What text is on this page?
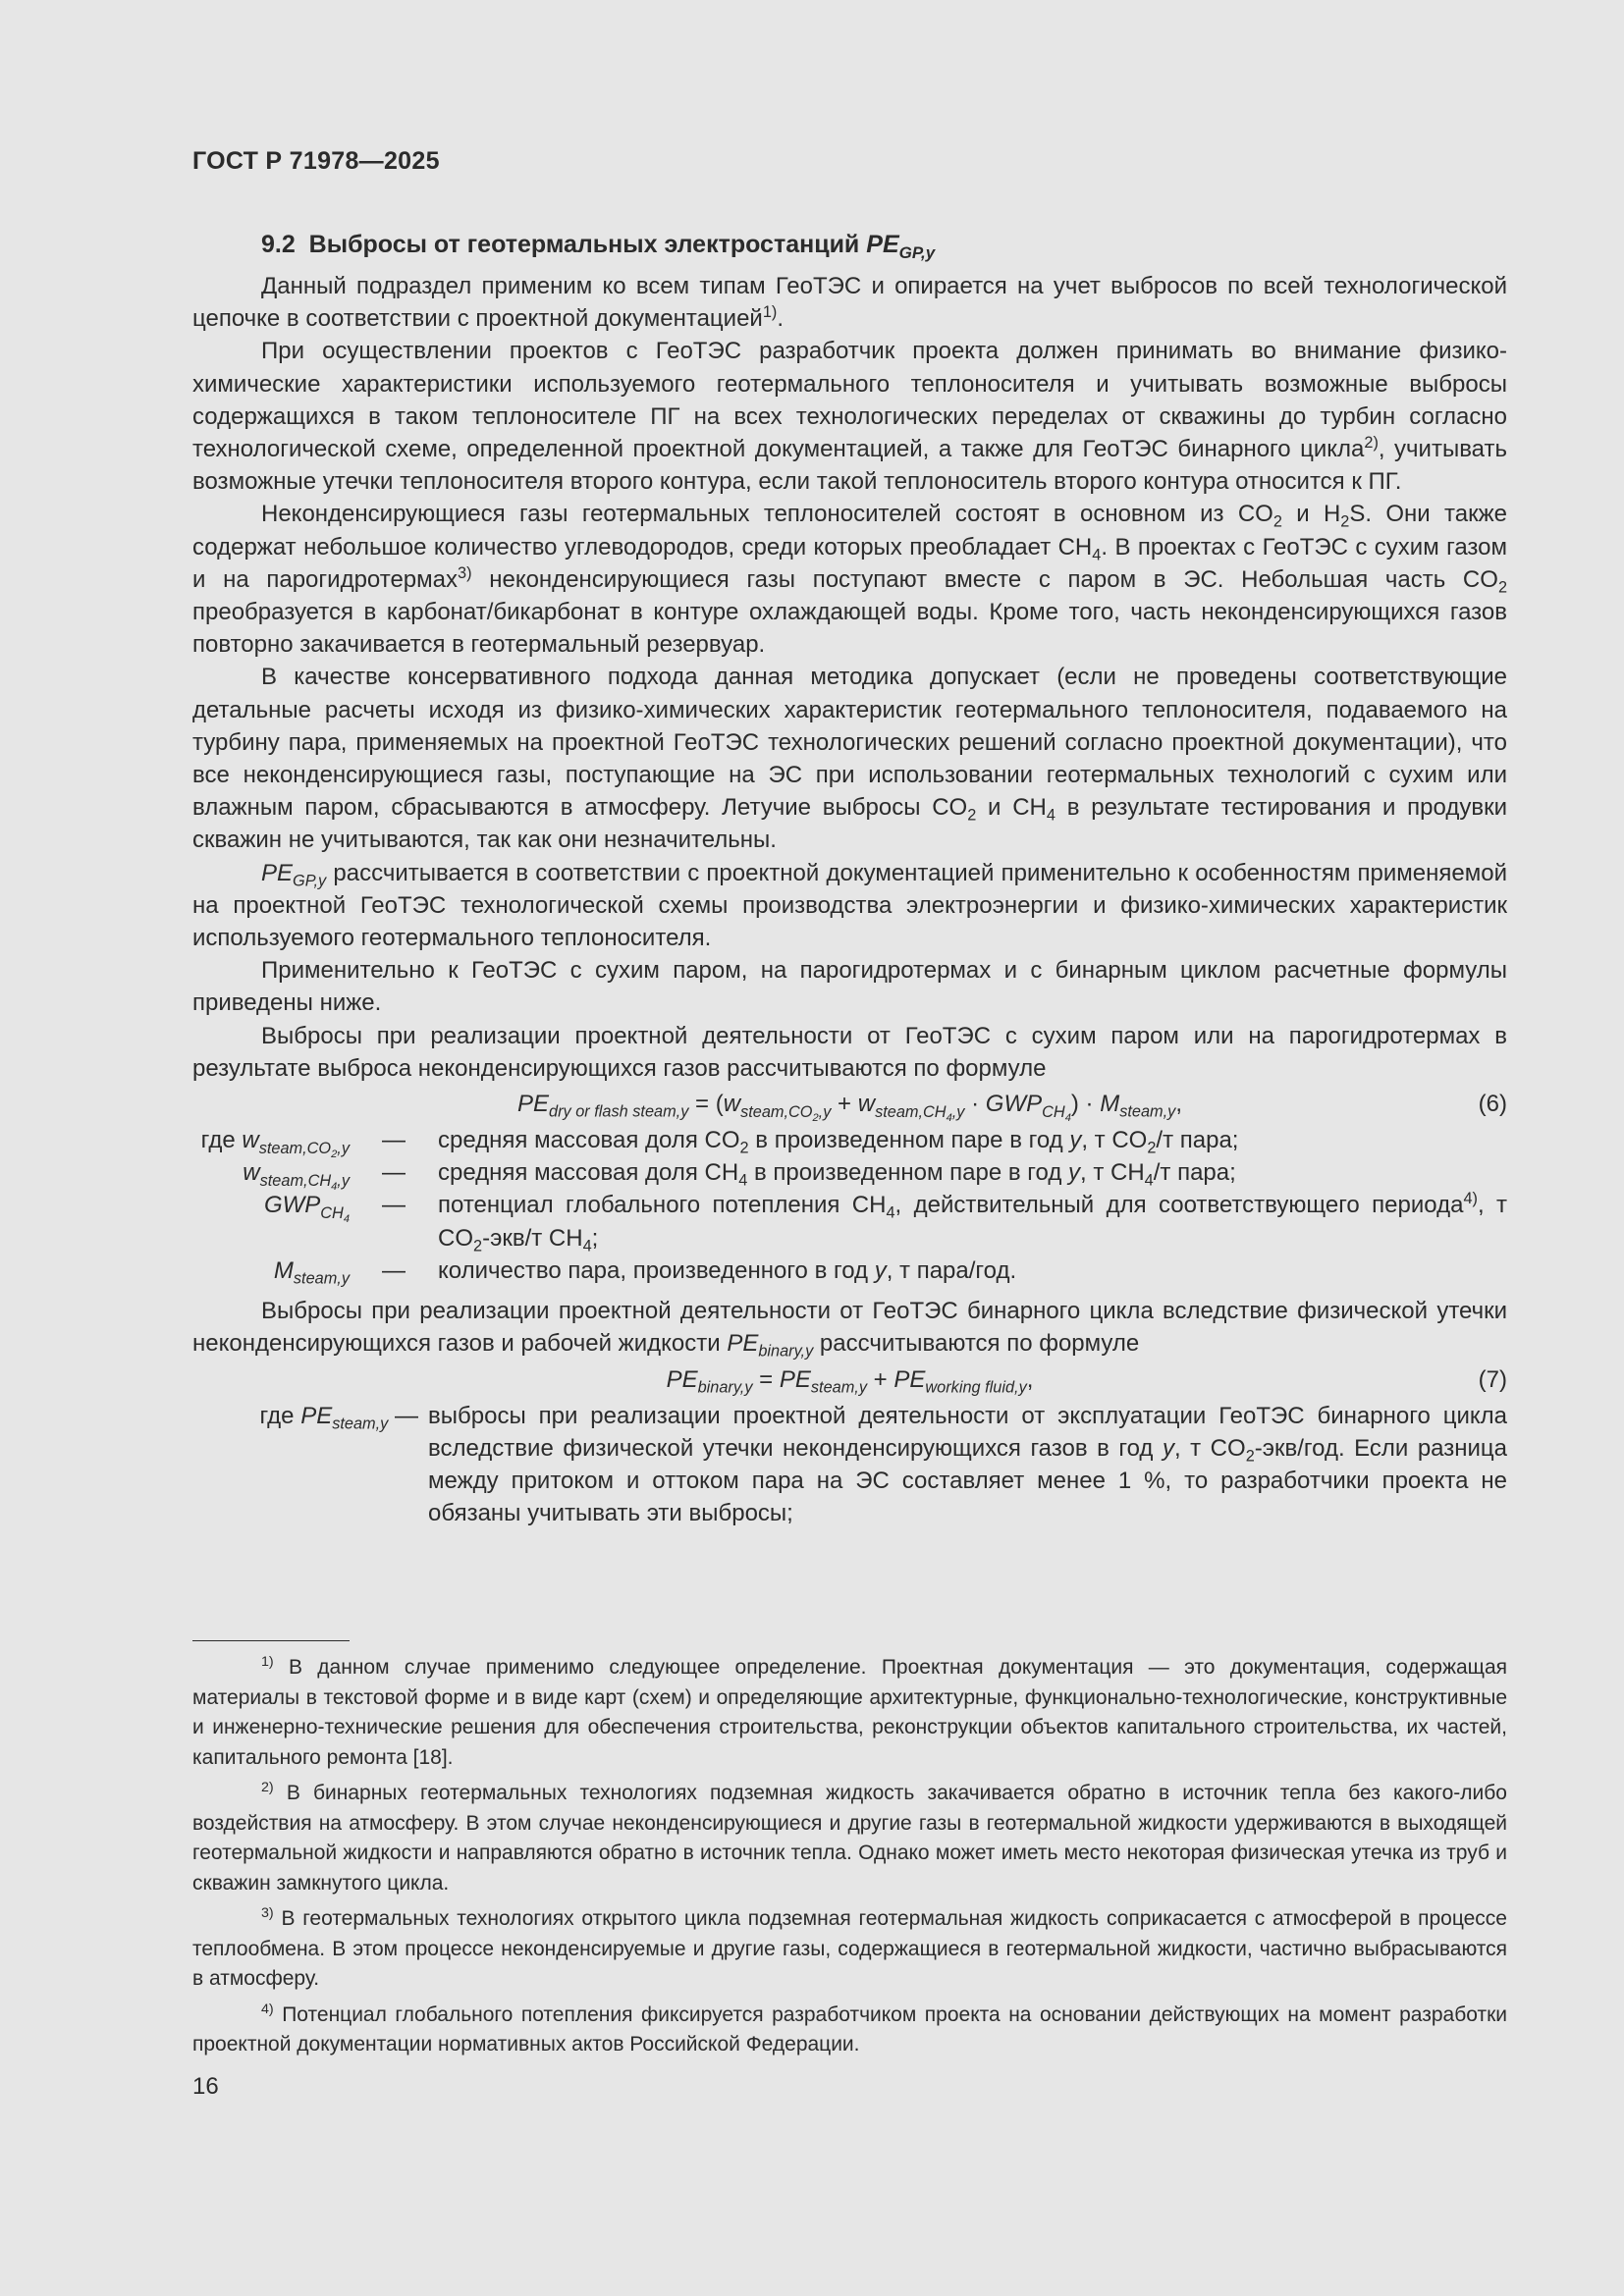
ГОСТ Р 71978—2025
9.2 Выбросы от геотермальных электростанций $PE_{GP,y}$

Данный подраздел применим ко всем типам ГеоТЭС и опирается на учет выбросов по всей технологической цепочке в соответствии с проектной документацией$^{1)}$.

При осуществлении проектов с ГеоТЭС разработчик проекта должен принимать во внимание физико-химические характеристики используемого геотермального теплоносителя и учитывать возможные выбросы содержащихся в таком теплоносителе ПГ на всех технологических переделах от скважины до турбин согласно технологической схеме, определенной проектной документацией, а также для ГеоТЭС бинарного цикла$^{2)}$, учитывать возможные утечки теплоносителя второго контура, если такой теплоноситель второго контура относится к ПГ.

Неконденсирующиеся газы геотермальных теплоносителей состоят в основном из $CO_2$ и $H_2S$. Они также содержат небольшое количество углеводородов, среди которых преобладает $CH_4$. В проектах с ГеоТЭС с сухим газом и на парогидротермах$^{3)}$ неконденсирующиеся газы поступают вместе с паром в ЭС. Небольшая часть $CO_2$ преобразуется в карбонат/бикарбонат в контуре охлаждающей воды. Кроме того, часть неконденсирующихся газов повторно закачивается в геотермальный резервуар.

В качестве консервативного подхода данная методика допускает (если не проведены соответствующие детальные расчеты исходя из физико-химических характеристик геотермального теплоносителя, подаваемого на турбину пара, применяемых на проектной ГеоТЭС технологических решений согласно проектной документации), что все неконденсирующиеся газы, поступающие на ЭС при использовании геотермальных технологий с сухим или влажным паром, сбрасываются в атмосферу. Летучие выбросы $CO_2$ и $CH_4$ в результате тестирования и продувки скважин не учитываются, так как они незначительны.

$PE_{GP,y}$ рассчитывается в соответствии с проектной документацией применительно к особенностям применяемой на проектной ГеоТЭС технологической схемы производства электроэнергии и физико-химических характеристик используемого геотермального теплоносителя.

Применительно к ГеоТЭС с сухим паром, на парогидротермах и с бинарным циклом расчетные формулы приведены ниже.

Выбросы при реализации проектной деятельности от ГеоТЭС с сухим паром или на парогидротермах в результате выброса неконденсирующихся газов рассчитываются по формуле

$PE_{dry or flash steam,y} = (w_{steam,CO_2,y} + w_{steam,CH_4,y} \cdot GWP_{CH_4}) \cdot M_{steam,y}$,	(6)
где $w_{steam,CO_2,y}$	—	средняя массовая доля $CO_2$ в произведенном паре в год y, т $CO_2/т$ пара;
$w_{steam,CH_4,y}$	—	средняя массовая доля $CH_4$ в произведенном паре в год y, т $CH_4/т$ пара;
$GWP_{CH_4}$	—	потенциал глобального потепления $CH_4$, действительный для соответствующего периода$^{4)}$, т $CO_2-экв/т$ $CH_4$;
$M_{steam,y}$	—	количество пара, произведенного в год y, т пара/год.

Выбросы при реализации проектной деятельности от ГеоТЭС бинарного цикла вследствие физической утечки неконденсирующихся газов и рабочей жидкости $PE_{binary,y}$ рассчитываются по формуле

$PE_{binary,y} = PE_{steam,y} + PE_{working fluid,y}$,	(7)
где $PE_{steam,y}$ —	выбросы при реализации проектной деятельности от эксплуатации ГеоТЭС бинарного цикла вследствие физической утечки неконденсирующихся газов в год y, т $CO_2-экв$/год. Если разница между притоком и оттоком пара на ЭС составляет менее 1 %, то разработчики проекта не обязаны учитывать эти выбросы;

$^{1)}$ В данном случае применимо следующее определение. Проектная документация — это документация, содержащая материалы в текстовой форме и в виде карт (схем) и определяющие архитектурные, функционально-технологические, конструктивные и инженерно-технические решения для обеспечения строительства, реконструкции объектов капитального строительства, их частей, капитального ремонта [18].

$^{2)}$ В бинарных геотермальных технологиях подземная жидкость закачивается обратно в источник тепла без какого-либо воздействия на атмосферу. В этом случае неконденсирующиеся и другие газы в геотермальной жидкости удерживаются в выходящей геотермальной жидкости и направляются обратно в источник тепла. Однако может иметь место некоторая физическая утечка из труб и скважин замкнутого цикла.

$^{3)}$ В геотермальных технологиях открытого цикла подземная геотермальная жидкость соприкасается с атмосферой в процессе теплообмена. В этом процессе неконденсируемые и другие газы, содержащиеся в геотермальной жидкости, частично выбрасываются в атмосферу.

$^{4)}$ Потенциал глобального потепления фиксируется разработчиком проекта на основании действующих на момент разработки проектной документации нормативных актов Российской Федерации.

16
